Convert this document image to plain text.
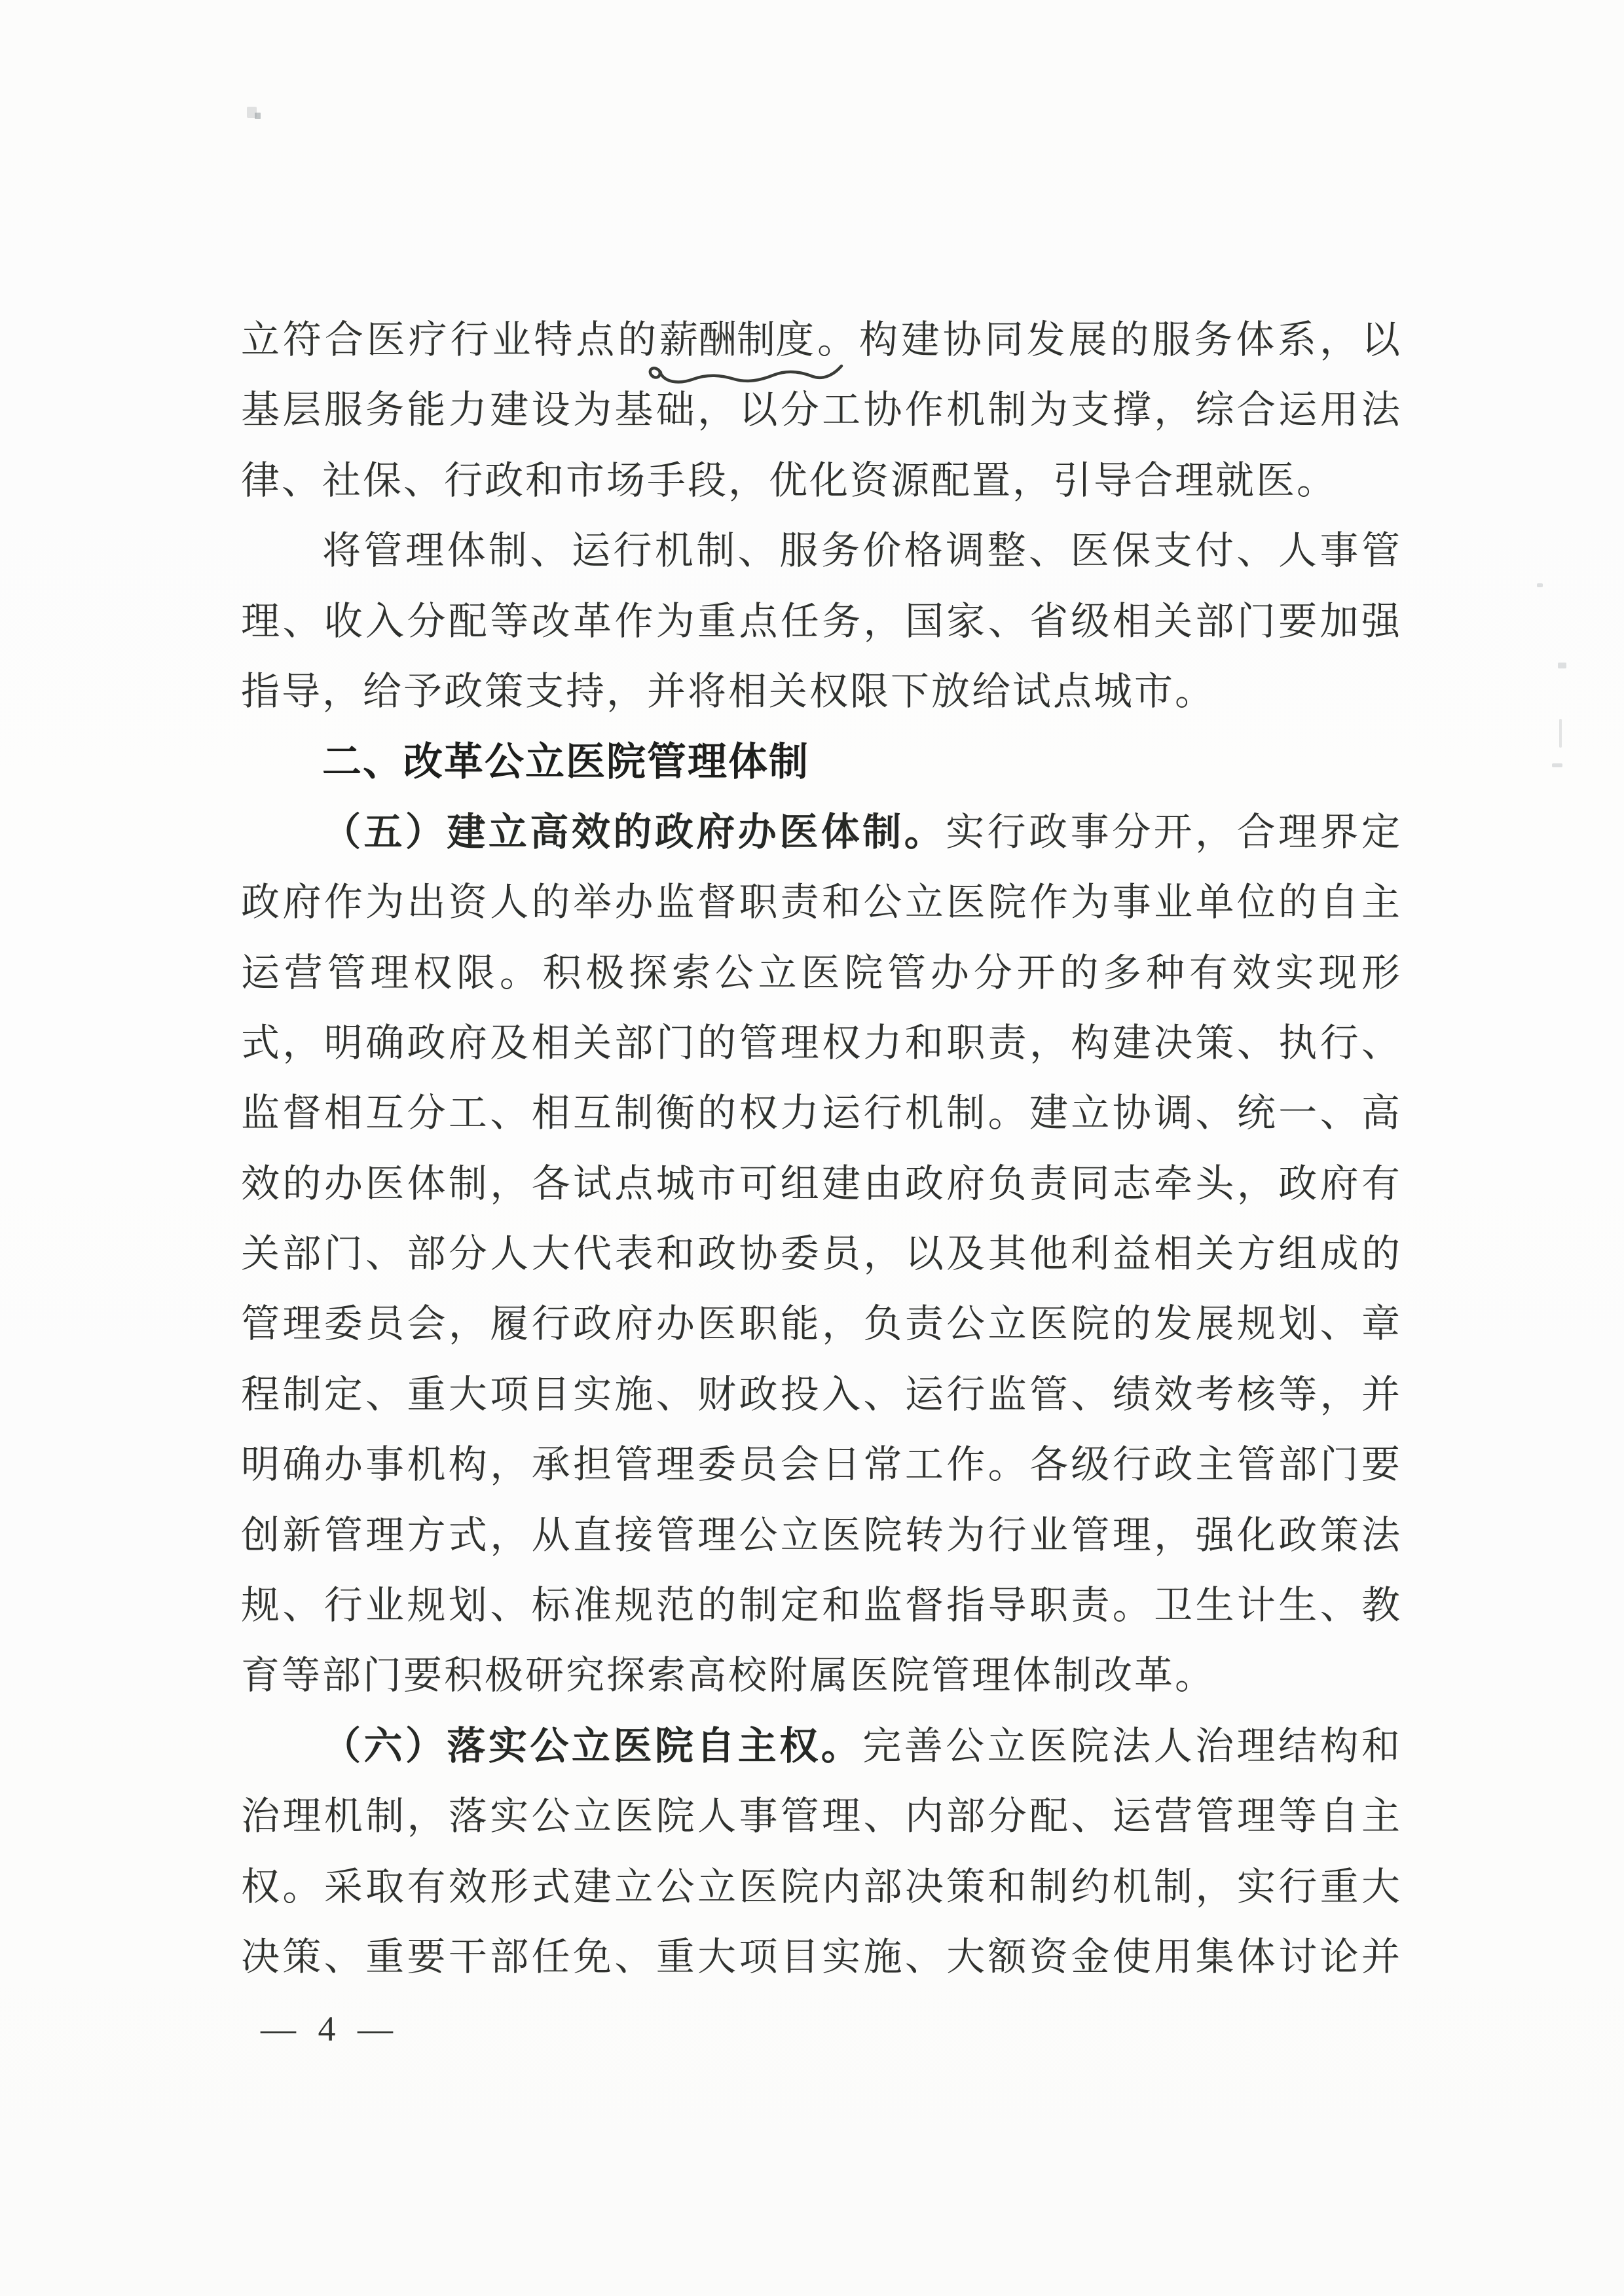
立符合医疗行业特点的薪酬制度
。构建协同发展的服务体系，以
基层服务能力建设为基础，以分工协作机制为支撑，综合运用法
律、社保、行政和市场手段，优化资源配置，引导合理就医。
将管理体制、运行机制、服务价格调整、医保支付、人事管
理、收入分配等改革作为重点任务，国家、省级相关部门要加强
指导，给予政策支持，并将相关权限下放给试点城市。
二、改革公立医院管理体制
（五）建立高效的政府办医体制。实行政事分开，合理界定
政府作为出资人的举办监督职责和公立医院作为事业单位的自主
运营管理权限。积极探索公立医院管办分开的多种有效实现形
式，明确政府及相关部门的管理权力和职责，构建决策、执行、
监督相互分工、相互制衡的权力运行机制。建立协调、统一、高
效的办医体制，各试点城市可组建由政府负责同志牵头，政府有
关部门、部分人大代表和政协委员，以及其他利益相关方组成的
管理委员会，履行政府办医职能，负责公立医院的发展规划、章
程制定、重大项目实施、财政投入、运行监管、绩效考核等，并
明确办事机构，承担管理委员会日常工作。各级行政主管部门要
创新管理方式，从直接管理公立医院转为行业管理，强化政策法
规、行业规划、标准规范的制定和监督指导职责。卫生计生、教
育等部门要积极研究探索高校附属医院管理体制改革。
（六）落实公立医院自主权。完善公立医院法人治理结构和
治理机制，落实公立医院人事管理、内部分配、运营管理等自主
权。采取有效形式建立公立医院内部决策和制约机制，实行重大
决策、重要干部任免、重大项目实施、大额资金使用集体讨论并
— 4 —
